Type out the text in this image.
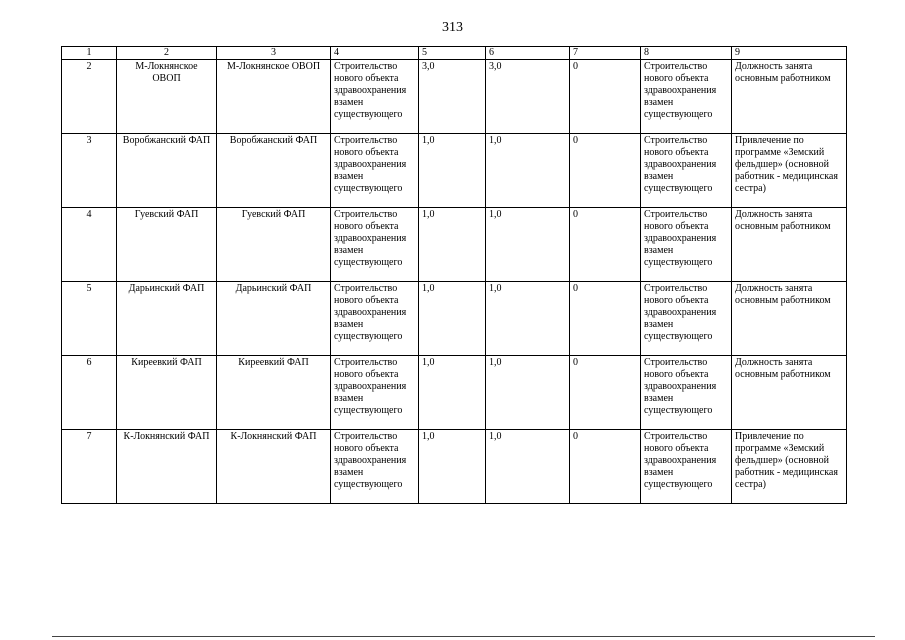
313
1	2	3	4	5	6	7	8	9
2	М-Локнянское ОВОП	М-Локнянское ОВОП	Строительство нового объекта здравоохранения взамен существующего	3,0	3,0	0	Строительство нового объекта здравоохранения взамен существующего	Должность занята основным работником
3	Воробжанский ФАП	Воробжанский ФАП	Строительство нового объекта здравоохранения взамен существующего	1,0	1,0	0	Строительство нового объекта здравоохранения взамен существующего	Привлечение по программе «Земский фельдшер» (основной работник - медицинская сестра)
4	Гуевский ФАП	Гуевский ФАП	Строительство нового объекта здравоохранения взамен существующего	1,0	1,0	0	Строительство нового объекта здравоохранения взамен существующего	Должность занята основным работником
5	Дарьинский ФАП	Дарьинский ФАП	Строительство нового объекта здравоохранения взамен существующего	1,0	1,0	0	Строительство нового объекта здравоохранения взамен существующего	Должность занята основным работником
6	Киреевкий ФАП	Киреевкий ФАП	Строительство нового объекта здравоохранения взамен существующего	1,0	1,0	0	Строительство нового объекта здравоохранения взамен существующего	Должность занята основным работником
7	К-Локнянский ФАП	К-Локнянский ФАП	Строительство нового объекта здравоохранения взамен существующего	1,0	1,0	0	Строительство нового объекта здравоохранения взамен существующего	Привлечение по программе «Земский фельдшер» (основной работник - медицинская сестра)
